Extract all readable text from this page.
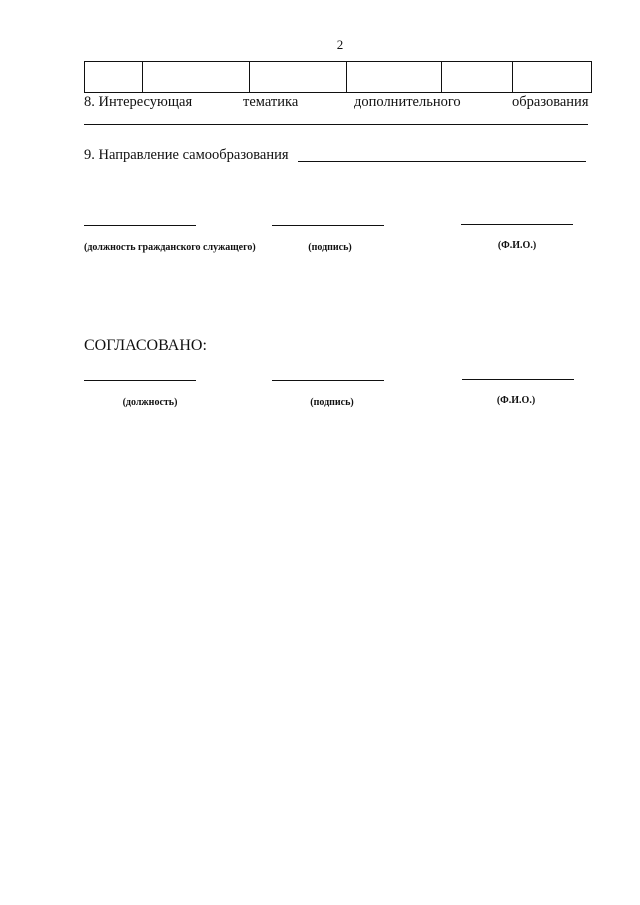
2
8. Интересующая	тематика	дополнительного	образования
9. Направление самообразования
(должность гражданского служащего)	(подпись)	(Ф.И.О.)
СОГЛАСОВАНО:
(должность)	(подпись)	(Ф.И.О.)
